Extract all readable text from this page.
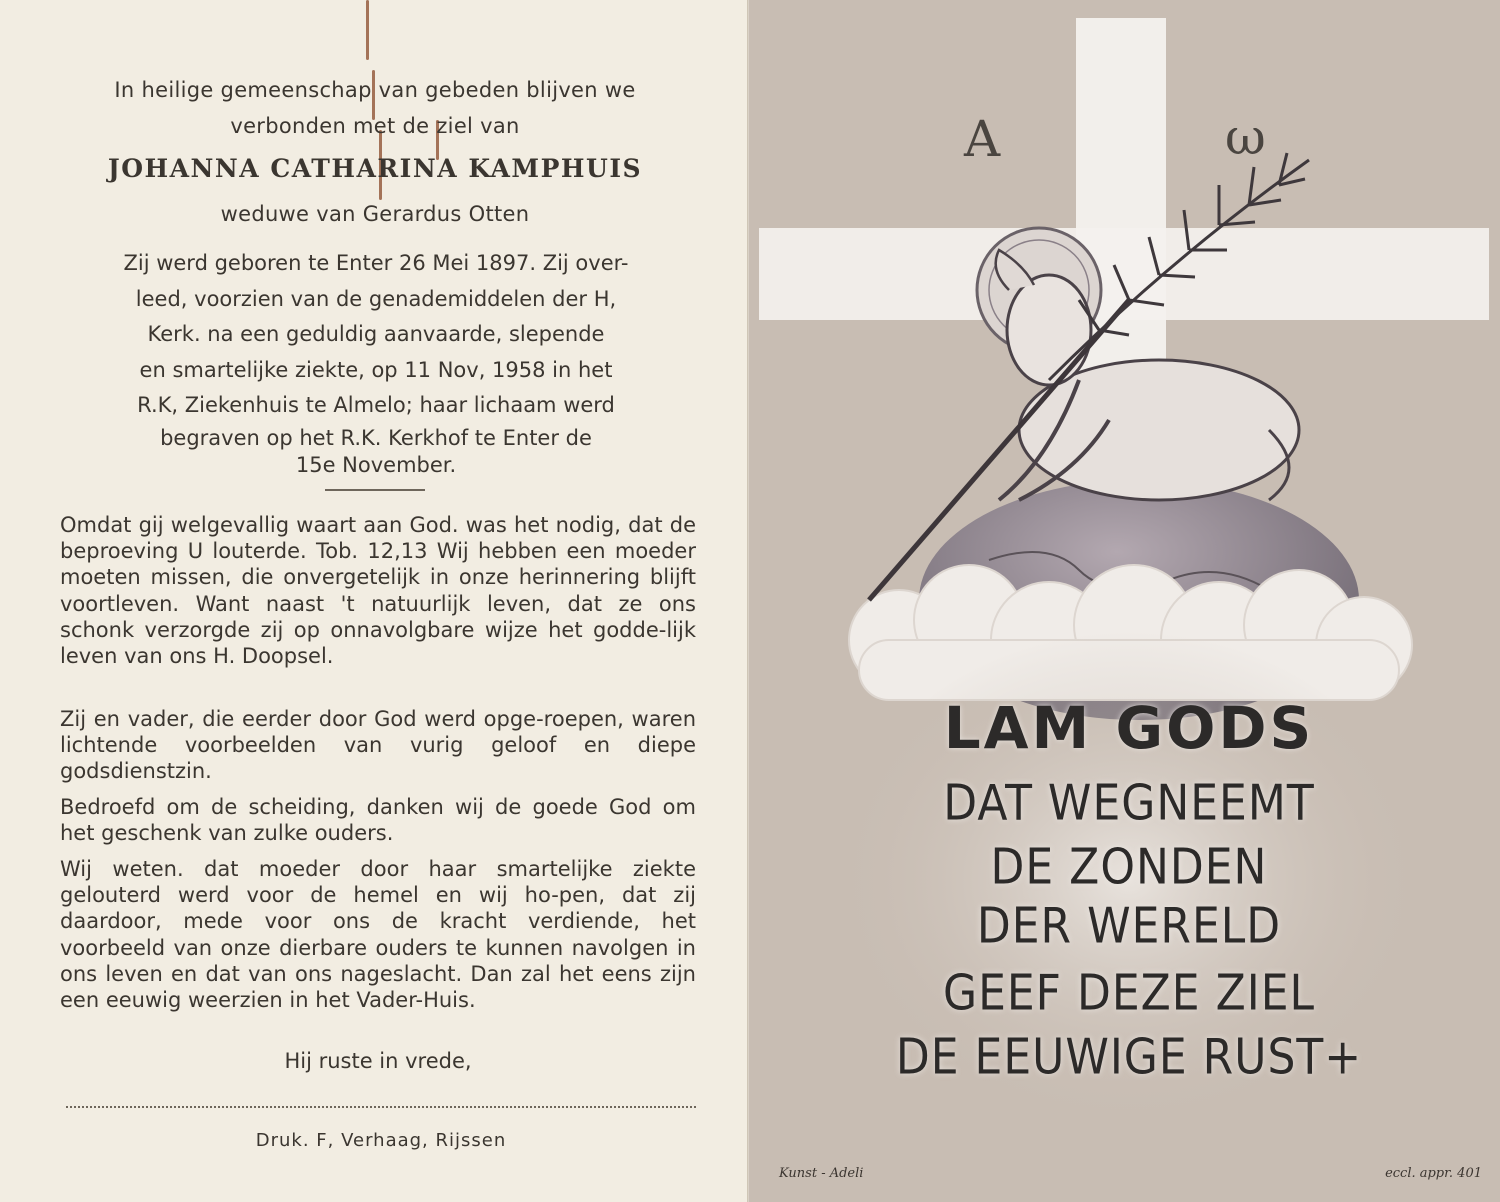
In heilige gemeenschap van gebeden blijven we
verbonden met de ziel van
JOHANNA CATHARINA KAMPHUIS
weduwe van Gerardus Otten
Zij werd geboren te Enter 26 Mei 1897. Zij over-
leed, voorzien van de genademiddelen der H,
Kerk. na een geduldig aanvaarde, slepende
en smartelijke ziekte, op 11 Nov, 1958 in het
R.K, Ziekenhuis te Almelo; haar lichaam werd
begraven op het R.K. Kerkhof te Enter de
15e November.
Omdat gij welgevallig waart aan God. was het nodig, dat de beproeving U louterde. Tob. 12,13 Wij hebben een moeder moeten missen, die onvergetelijk in onze herinnering blijft voortleven. Want naast 't natuurlijk leven, dat ze ons schonk verzorgde zij op onnavolgbare wijze het godde-lijk leven van ons H. Doopsel.
Zij en vader, die eerder door God werd opge-roepen, waren lichtende voorbeelden van vurig geloof en diepe godsdienstzin.
Bedroefd om de scheiding, danken wij de goede God om het geschenk van zulke ouders.
Wij weten. dat moeder door haar smartelijke ziekte gelouterd werd voor de hemel en wij ho-pen, dat zij daardoor, mede voor ons de kracht verdiende, het voorbeeld van onze dierbare ouders te kunnen navolgen in ons leven en dat van ons nageslacht. Dan zal het eens zijn een eeuwig weerzien in het Vader-Huis.
Hij ruste in vrede,
Druk. F, Verhaag, Rijssen
A	ω
LAM GODS
DAT WEGNEEMT
DE ZONDEN
DER WERELD
GEEF DEZE ZIEL
DE EEUWIGE RUST+
Kunst - Adeli	eccl. appr. 401
